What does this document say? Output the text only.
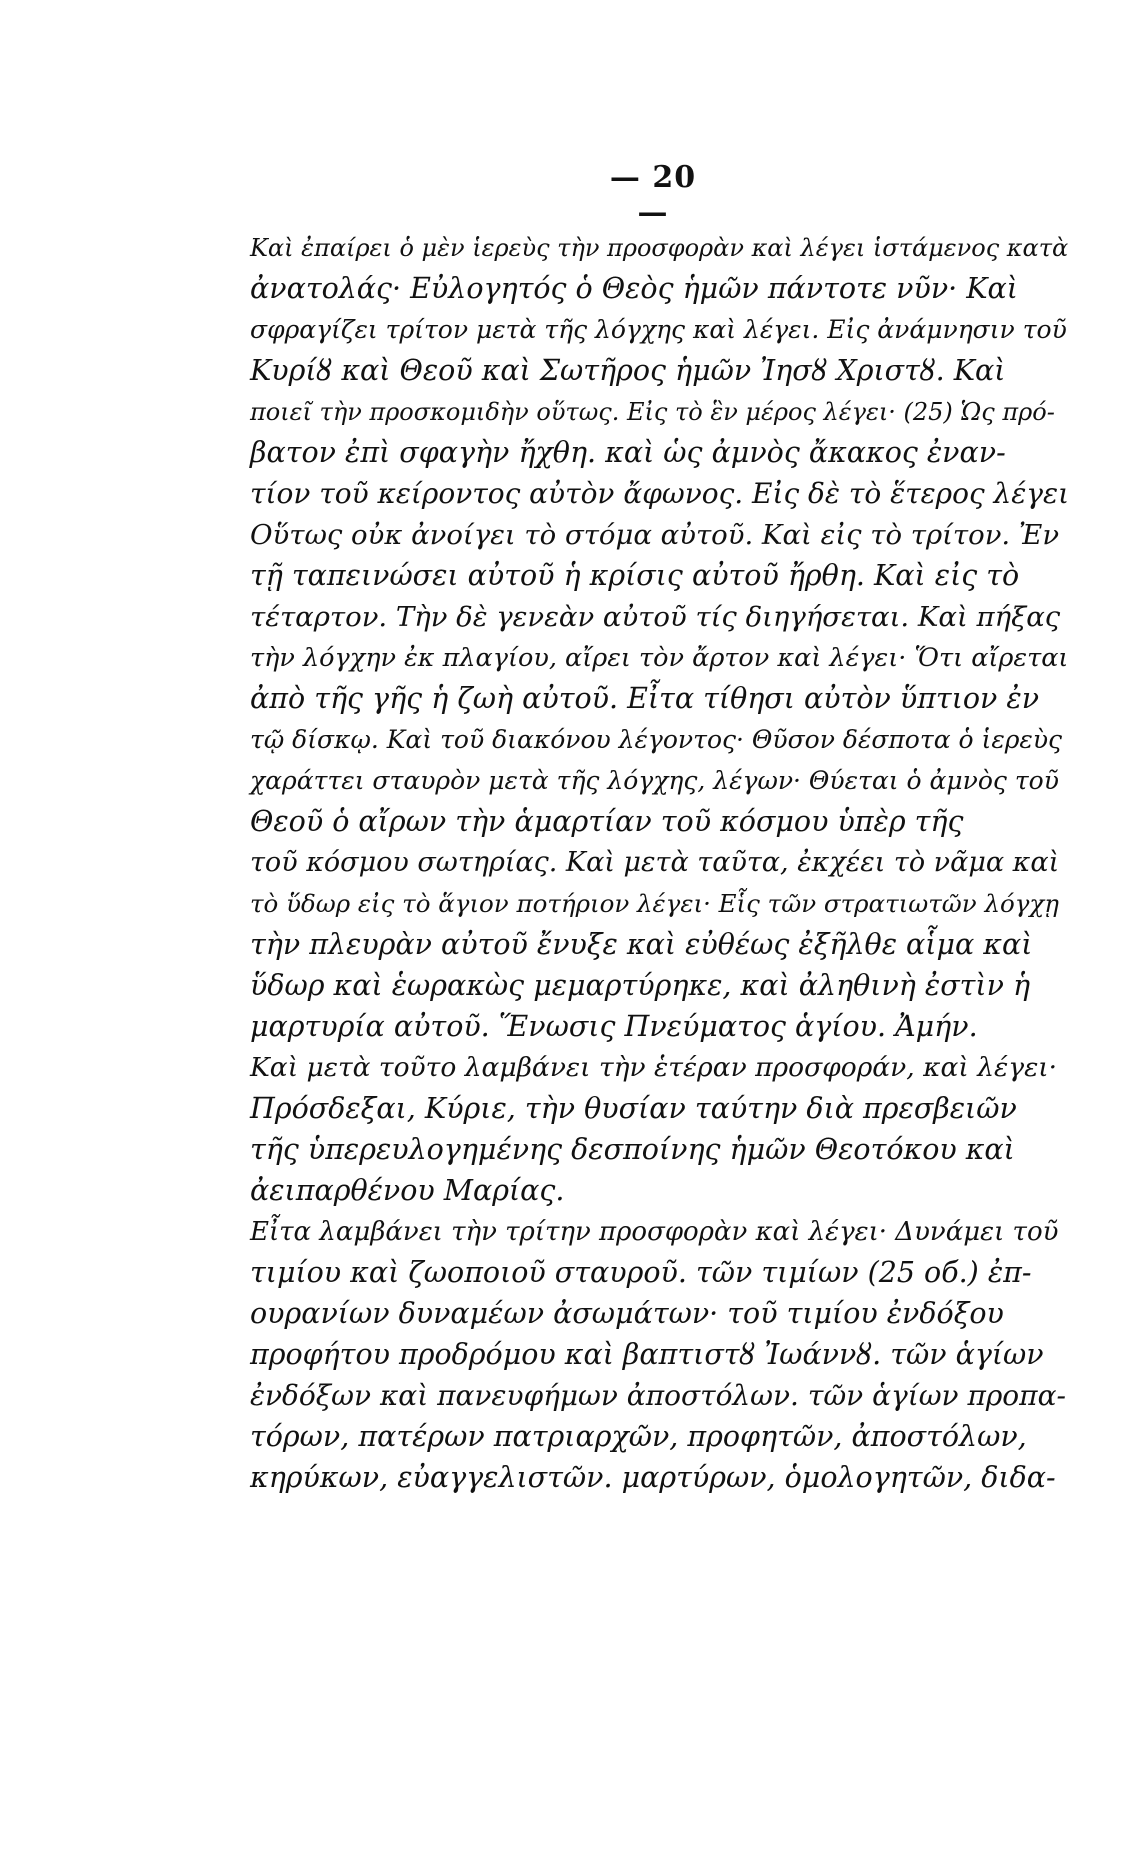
— 20 —
Καὶ ἐπαίρει ὁ μὲν ἱερεὺς τὴν προσφορὰν καὶ λέγει ἱστάμενος κατὰ
ἀνατολάς· Εὐλογητός ὁ Θεὸς ἡμῶν πάντοτε νῦν· Καὶ
σφραγίζει τρίτον μετὰ τῆς λόγχης καὶ λέγει. Εἰς ἀνάμνησιν τοῦ
Κυρίȣ καὶ Θεοῦ καὶ Σωτῆρος ἡμῶν Ἰησȣ Χριστȣ. Καὶ
ποιεῖ τὴν προσκομιδὴν οὕτως. Εἰς τὸ ἓν μέρος λέγει· (25) Ὡς πρό-
βατον ἐπὶ σφαγὴν ἤχθη. καὶ ὡς ἀμνὸς ἄκακος ἐναν-
τίον τοῦ κείροντος αὐτὸν ἄφωνος. Εἰς δὲ τὸ ἕτερος λέγει
Οὕτως οὐκ ἀνοίγει τὸ στόμα αὐτοῦ. Καὶ εἰς τὸ τρίτον. Ἐν
τῇ ταπεινώσει αὐτοῦ ἡ κρίσις αὐτοῦ ἤρθη. Καὶ εἰς τὸ
τέταρτον. Τὴν δὲ γενεὰν αὐτοῦ τίς διηγήσεται. Καὶ πήξας
τὴν λόγχην ἐκ πλαγίου, αἴρει τὸν ἄρτον καὶ λέγει· Ὅτι αἴρεται
ἀπὸ τῆς γῆς ἡ ζωὴ αὐτοῦ. Εἶτα τίθησι αὐτὸν ὕπτιον ἐν
τῷ δίσκῳ. Καὶ τοῦ διακόνου λέγοντος· Θῦσον δέσποτα ὁ ἱερεὺς
χαράττει σταυρὸν μετὰ τῆς λόγχης, λέγων· Θύεται ὁ ἀμνὸς τοῦ
Θεοῦ ὁ αἴρων τὴν ἁμαρτίαν τοῦ κόσμου ὑπὲρ τῆς
τοῦ κόσμου σωτηρίας. Καὶ μετὰ ταῦτα, ἐκχέει τὸ νᾶμα καὶ
τὸ ὕδωρ εἰς τὸ ἅγιον ποτήριον λέγει· Εἷς τῶν στρατιωτῶν λόγχῃ
τὴν πλευρὰν αὐτοῦ ἔνυξε καὶ εὐθέως ἐξῆλθε αἷμα καὶ
ὕδωρ καὶ ἑωρακὼς μεμαρτύρηκε, καὶ ἀληθινὴ ἐστὶν ἡ
μαρτυρία αὐτοῦ. Ἕνωσις Πνεύματος ἁγίου. Ἀμήν.
Καὶ μετὰ τοῦτο λαμβάνει τὴν ἑτέραν προσφοράν, καὶ λέγει·
Πρόσδεξαι, Κύριε, τὴν θυσίαν ταύτην διὰ πρεσβειῶν
τῆς ὑπερευλογημένης δεσποίνης ἡμῶν Θεοτόκου καὶ
ἀειπαρθένου Μαρίας.
Εἶτα λαμβάνει τὴν τρίτην προσφορὰν καὶ λέγει· Δυνάμει τοῦ
τιμίου καὶ ζωοποιοῦ σταυροῦ. τῶν τιμίων (25 οб.) ἐπ-
ουρανίων δυναμέων ἀσωμάτων· τοῦ τιμίου ἐνδόξου
προφήτου προδρόμου καὶ βαπτιστȣ Ἰωάννȣ. τῶν ἁγίων
ἐνδόξων καὶ πανευφήμων ἀποστόλων. τῶν ἁγίων προπα-
τόρων, πατέρων πατριαρχῶν, προφητῶν, ἀποστόλων,
κηρύκων, εὐαγγελιστῶν. μαρτύρων, ὁμολογητῶν, διδα-
